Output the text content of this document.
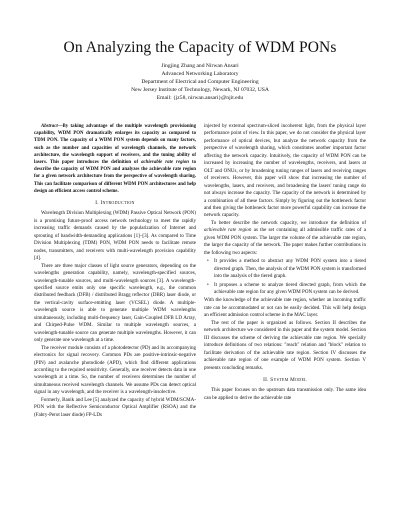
On Analyzing the Capacity of WDM PONs
Jingjing Zhang and Nirwan Ansari
Advanced Networking Laboratory
Department of Electrical and Computer Engineering
New Jersey Institute of Technology, Newark, NJ 07032, USA
Email: {jz58, nirwan.ansari}@njit.edu

Abstract—By taking advantage of the multiple wavelength provisioning capability, WDM PON dramatically enlarges its capacity as compared to TDM PON. The capacity of a WDM PON system depends on many factors, such as the number and capacities of wavelength channels, the network architecture, the wavelength support of receivers, and the tuning ability of lasers. This paper introduces the definition of achievable rate region to describe the capacity of WDM PON and analyzes the achievable rate region for a given network architecture from the perspective of wavelength sharing. This can facilitate comparison of different WDM PON architectures and help design an efficient access control scheme.

I. Introduction

Wavelength Division Multiplexing (WDM) Passive Optical Network (PON) is a promising future-proof access network technology to meet the rapidly increasing traffic demands caused by the popularization of Internet and sprouting of bandwidth-demanding applications [1]–[3]. As compared to Time Division Multiplexing (TDM) PON, WDM PON needs to facilitate remote nodes, transmitters, and receivers with multi-wavelength provision capability [4].

There are three major classes of light source generators, depending on the wavelengths generation capability, namely, wavelength-specified sources, wavelength-tunable sources, and multi-wavelength sources [3]. A wavelength-specified source emits only one specific wavelength, e.g., the common distributed feedback (DFB) / distributed Bragg reflector (DBR) laser diode, or the vertical-cavity surface-emitting laser (VCSEL) diode. A multiple-wavelength source is able to generate multiple WDM wavelengths simultaneously, including multi-frequency laser, Gain-Coupled DFB LD Array, and Chirped-Pulse WDM. Similar to multiple wavelength sources, a wavelength-tunable source can generate multiple wavelengths. However, it can only generate one wavelength at a time.

The receiver module consists of a photodetector (PD) and its accompanying electronics for signal recovery. Common PDs are positive-intrinsic-negative (PIN) and avalanche photodiode (APD), which find different applications according to the required sensitivity. Generally, one receiver detects data in one wavelength at a time. So, the number of receivers determines the number of simultaneous received wavelength channels. We assume PDs can detect optical signal in any wavelength, and the receiver is a wavelength-insolective.

Formerly, Banik and Lee [5] analyzed the capacity of hybrid WDM/SCMA-PON with the Reflective Semiconductor Optical Amplifier (RSOA) and the (Fabry-Perot laser diode) FP-LDs

injected by external spectrum-sliced incoherent light, from the physical layer performance point of view. In this paper, we do not consider the physical layer performance of optical devices, but analyze the network capacity from the perspective of wavelength sharing, which constitutes another important factor affecting the network capacity. Intuitively, the capacity of WDM PON can be increased by increasing the number of wavelengths, receivers, and lasers at OLT and ONUs, or by broadening tuning ranges of lasers and receiving ranges of receivers. However, this paper will show that increasing the number of wavelengths, lasers, and receivers, and broadening the lasers' tuning range do not always increase the capacity. The capacity of the network is determined by a combination of all these factors. Simply by figuring out the bottleneck factor and then giving the bottleneck factor more powerful capability can increase the network capacity.

To better describe the network capacity, we introduce the definition of achievable rate region as the set containing all admissible traffic rates of a given WDM PON system. The larger the volume of the achievable rate region, the larger the capacity of the network. The paper makes further contributions in the following two aspects:

• It provides a method to abstract any WDM PON system into a tiered directed graph. Then, the analysis of the WDM PON system is transformed into the analysis of the tiered graph.
• It proposes a scheme to analyze tiered directed graph, from which the achievable rate region for any given WDM PON system can be derived.

With the knowledge of the achievable rate region, whether an incoming traffic rate can be accommodated or not can be easily decided. This will help design an efficient admission control scheme in the MAC layer.

The rest of the paper is organized as follows. Section II describes the network architecture we considered in this paper and the system model. Section III discusses the scheme of deriving the achievable rate region. We specially introduce definitions of two relations: "reach" relation and "block" relation to facilitate derivation of the achievable rate region. Section IV discusses the achievable rate region of one example of WDM PON system. Section V presents concluding remarks.

II. System Model

This paper focuses on the upstream data transmission only. The same idea can be applied to derive the achievable rate
